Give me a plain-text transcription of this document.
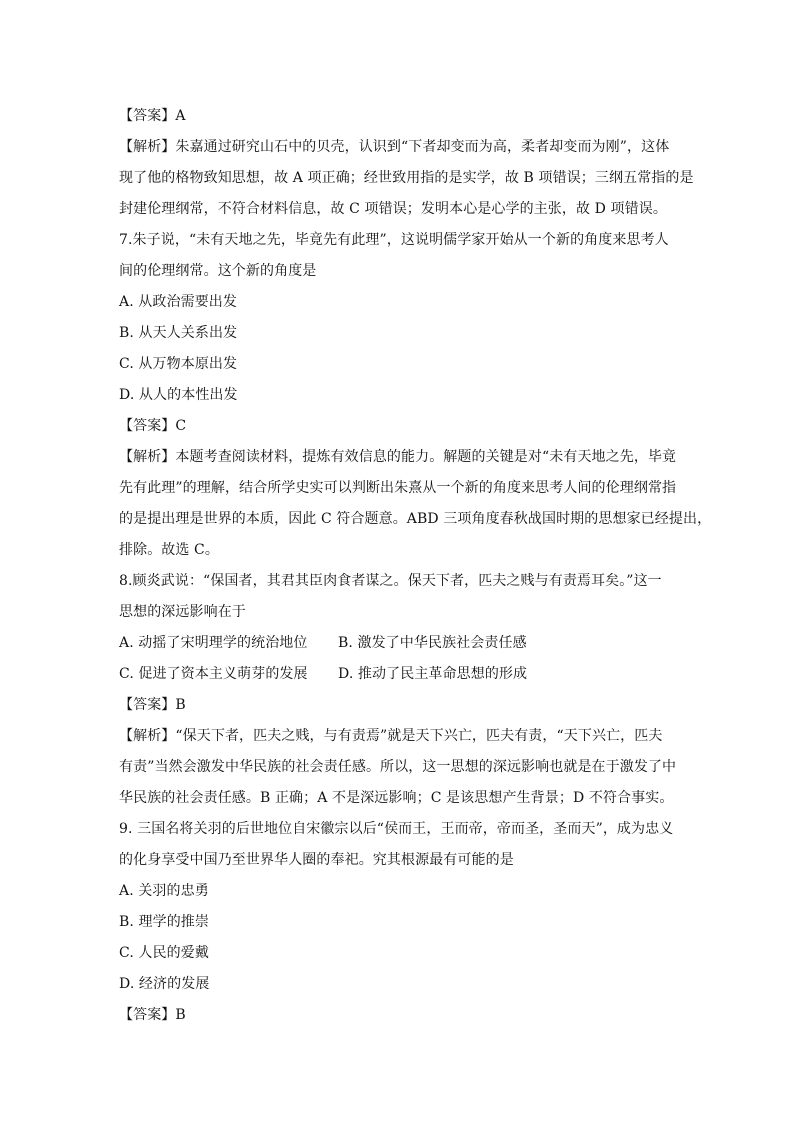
【答案】A
【解析】朱嘉通过研究山石中的贝壳，认识到“下者却变而为高，柔者却变而为刚”，这体
现了他的格物致知思想，故 A 项正确；经世致用指的是实学，故 B 项错误；三纲五常指的是
封建伦理纲常，不符合材料信息，故 C 项错误；发明本心是心学的主张，故 D 项错误。
7.朱子说，“未有天地之先，毕竟先有此理”，这说明儒学家开始从一个新的角度来思考人
间的伦理纲常。这个新的角度是
A. 从政治需要出发
B. 从天人关系出发
C. 从万物本原出发
D. 从人的本性出发
【答案】C
【解析】本题考查阅读材料，提炼有效信息的能力。解题的关键是对“未有天地之先，毕竟
先有此理”的理解，结合所学史实可以判断出朱熹从一个新的角度来思考人间的伦理纲常指
的是提出理是世界的本质，因此 C 符合题意。ABD 三项角度春秋战国时期的思想家已经提出，
排除。故选 C。
8.顾炎武说：“保国者，其君其臣肉食者谋之。保天下者，匹夫之贱与有责焉耳矣。”这一
思想的深远影响在于
A. 动摇了宋明理学的统治地位	B. 激发了中华民族社会责任感
C. 促进了资本主义萌芽的发展	D. 推动了民主革命思想的形成
【答案】B
【解析】“保天下者，匹夫之贱，与有责焉”就是天下兴亡，匹夫有责，“天下兴亡，匹夫
有责”当然会激发中华民族的社会责任感。所以，这一思想的深远影响也就是在于激发了中
华民族的社会责任感。B 正确；A 不是深远影响；C 是该思想产生背景；D 不符合事实。
9. 三国名将关羽的后世地位自宋徽宗以后“侯而王，王而帝，帝而圣，圣而天”，成为忠义
的化身享受中国乃至世界华人圈的奉祀。究其根源最有可能的是
A. 关羽的忠勇
B. 理学的推崇
C. 人民的爱戴
D. 经济的发展
【答案】B
